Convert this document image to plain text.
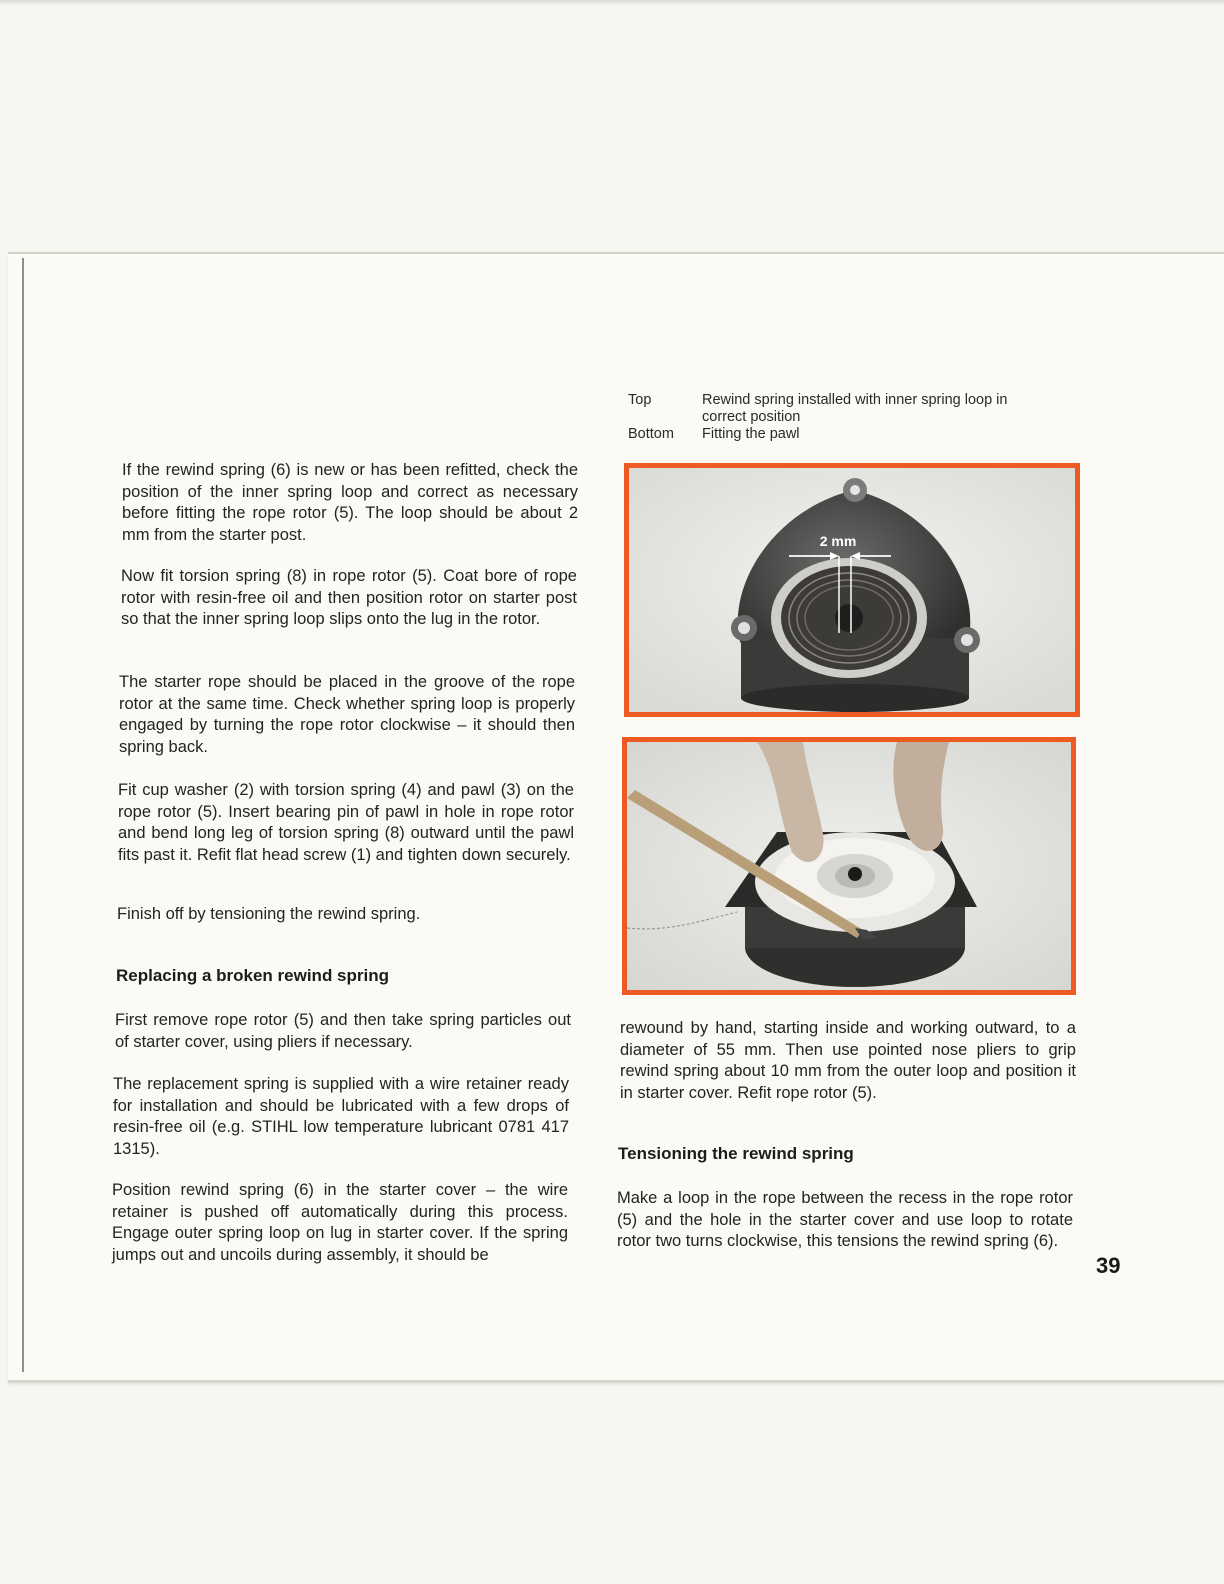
Top	Rewind spring installed with inner spring loop in correct position
Bottom Fitting the pawl

If the rewind spring (6) is new or has been refitted, check the position of the inner spring loop and correct as necessary before fitting the rope rotor (5). The loop should be about 2 mm from the starter post.

Now fit torsion spring (8) in rope rotor (5). Coat bore of rope rotor with resin-free oil and then position rotor on starter post so that the inner spring loop slips onto the lug in the rotor.

The starter rope should be placed in the groove of the rope rotor at the same time. Check whether spring loop is properly engaged by turning the rope rotor clockwise – it should then spring back.

Fit cup washer (2) with torsion spring (4) and pawl (3) on the rope rotor (5). Insert bearing pin of pawl in hole in rope rotor and bend long leg of torsion spring (8) outward until the pawl fits past it. Refit flat head screw (1) and tighten down securely.

Finish off by tensioning the rewind spring.

Replacing a broken rewind spring

First remove rope rotor (5) and then take spring particles out of starter cover, using pliers if necessary.

The replacement spring is supplied with a wire retainer ready for installation and should be lubricated with a few drops of resin-free oil (e.g. STIHL low temperature lubricant 0781 417 1315).

Position rewind spring (6) in the starter cover – the wire retainer is pushed off automatically during this process. Engage outer spring loop on lug in starter cover. If the spring jumps out and uncoils during assembly, it should be

2 mm

rewound by hand, starting inside and working outward, to a diameter of 55 mm. Then use pointed nose pliers to grip rewind spring about 10 mm from the outer loop and position it in starter cover. Refit rope rotor (5).

Tensioning the rewind spring

Make a loop in the rope between the recess in the rope rotor (5) and the hole in the starter cover and use loop to rotate rotor two turns clockwise, this tensions the rewind spring (6).

39
